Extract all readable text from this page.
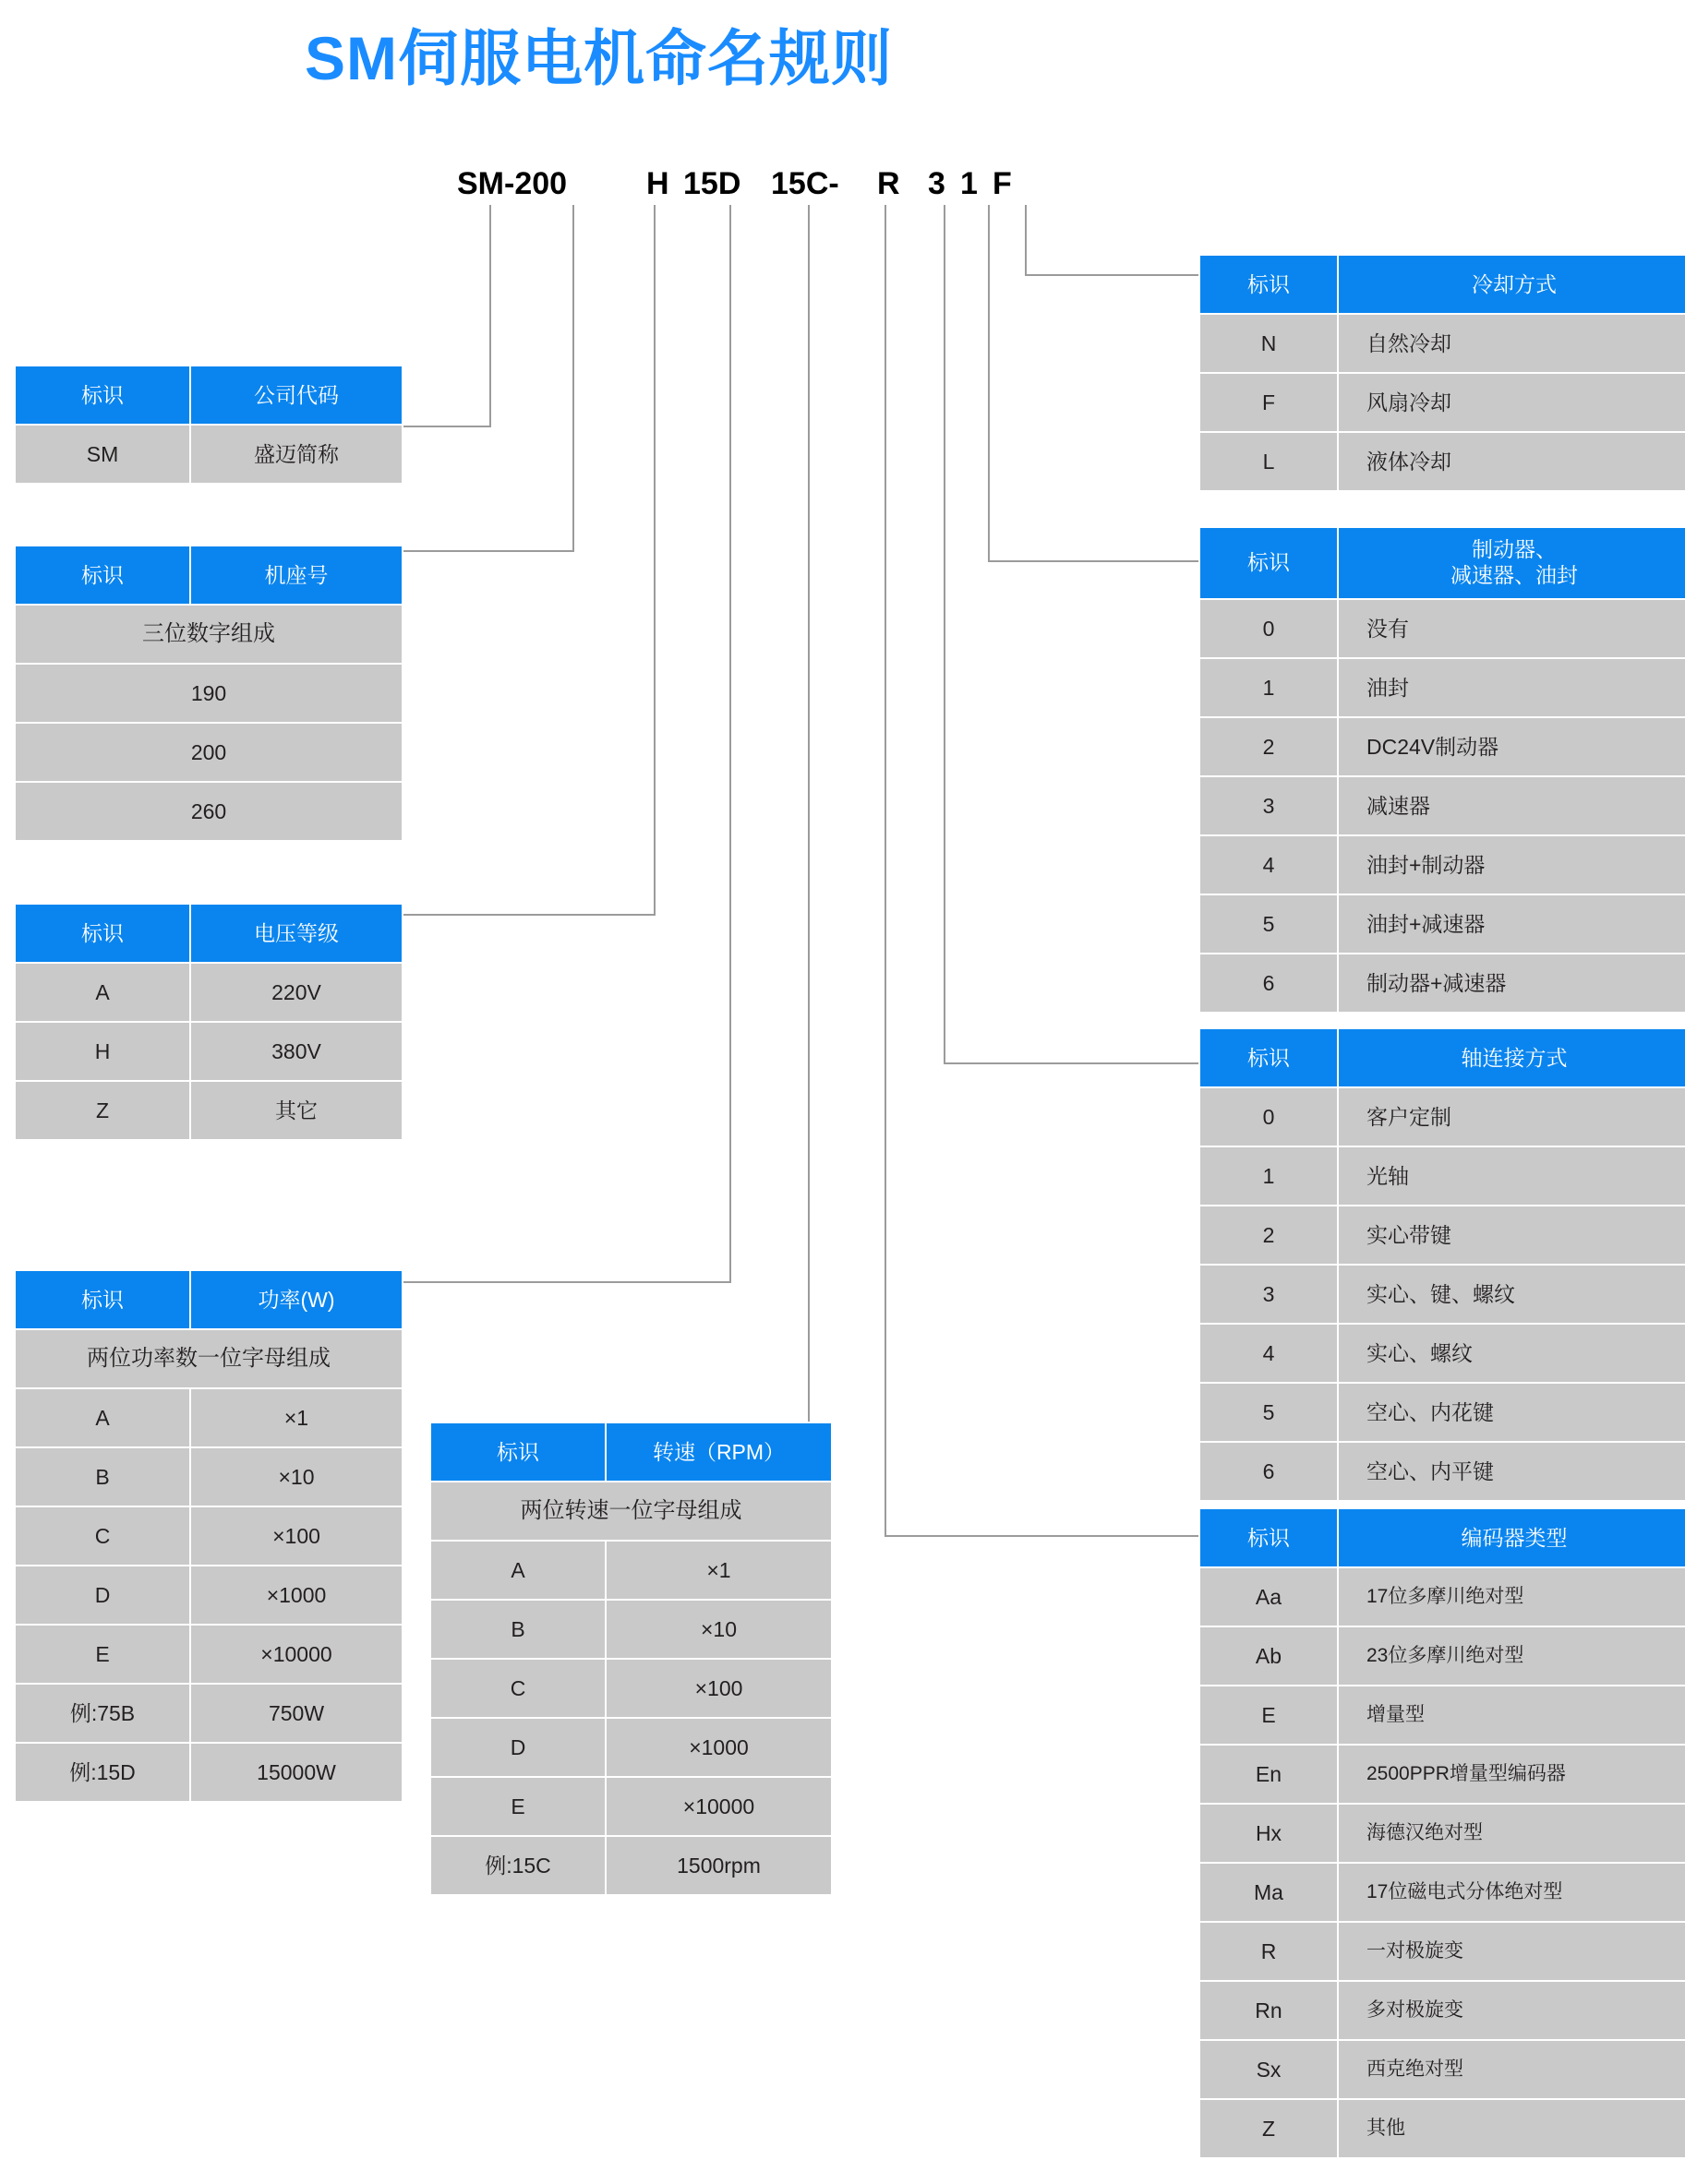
SM伺服电机命名规则
SM-200	H 15D 15C- R 3 1 F
标识	公司代码
SM	盛迈简称
标识	机座号
三位数字组成
190
200
260
标识	电压等级
A	220V
H	380V
Z	其它
标识	功率(W)
两位功率数一位字母组成	
A	×1
B	×10
C	×100
D	×1000
E	×10000
例:75B	750W
例:15D	15000W
标识	转速（RPM）
两位转速一位字母组成	
A	×1
B	×10
C	×100
D	×1000
E	×10000
例:15C	1500rpm
标识	冷却方式
N	自然冷却
F	风扇冷却
L	液体冷却
标识	制动器、
减速器、油封

0	没有
1	油封
2	DC24V制动器
3	减速器
4	油封+制动器
5	油封+减速器
6	制动器+减速器
标识	轴连接方式
0	客户定制
1	光轴
2	实心带键
3	实心、键、螺纹
4	实心、螺纹
5	空心、内花键
6	空心、内平键
标识	编码器类型
Aa	17位多摩川绝对型
Ab	23位多摩川绝对型
E	增量型
En	2500PPR增量型编码器
Hx	海德汉绝对型
Ma	17位磁电式分体绝对型
R	一对极旋变
Rn	多对极旋变
Sx	西克绝对型
Z	其他
